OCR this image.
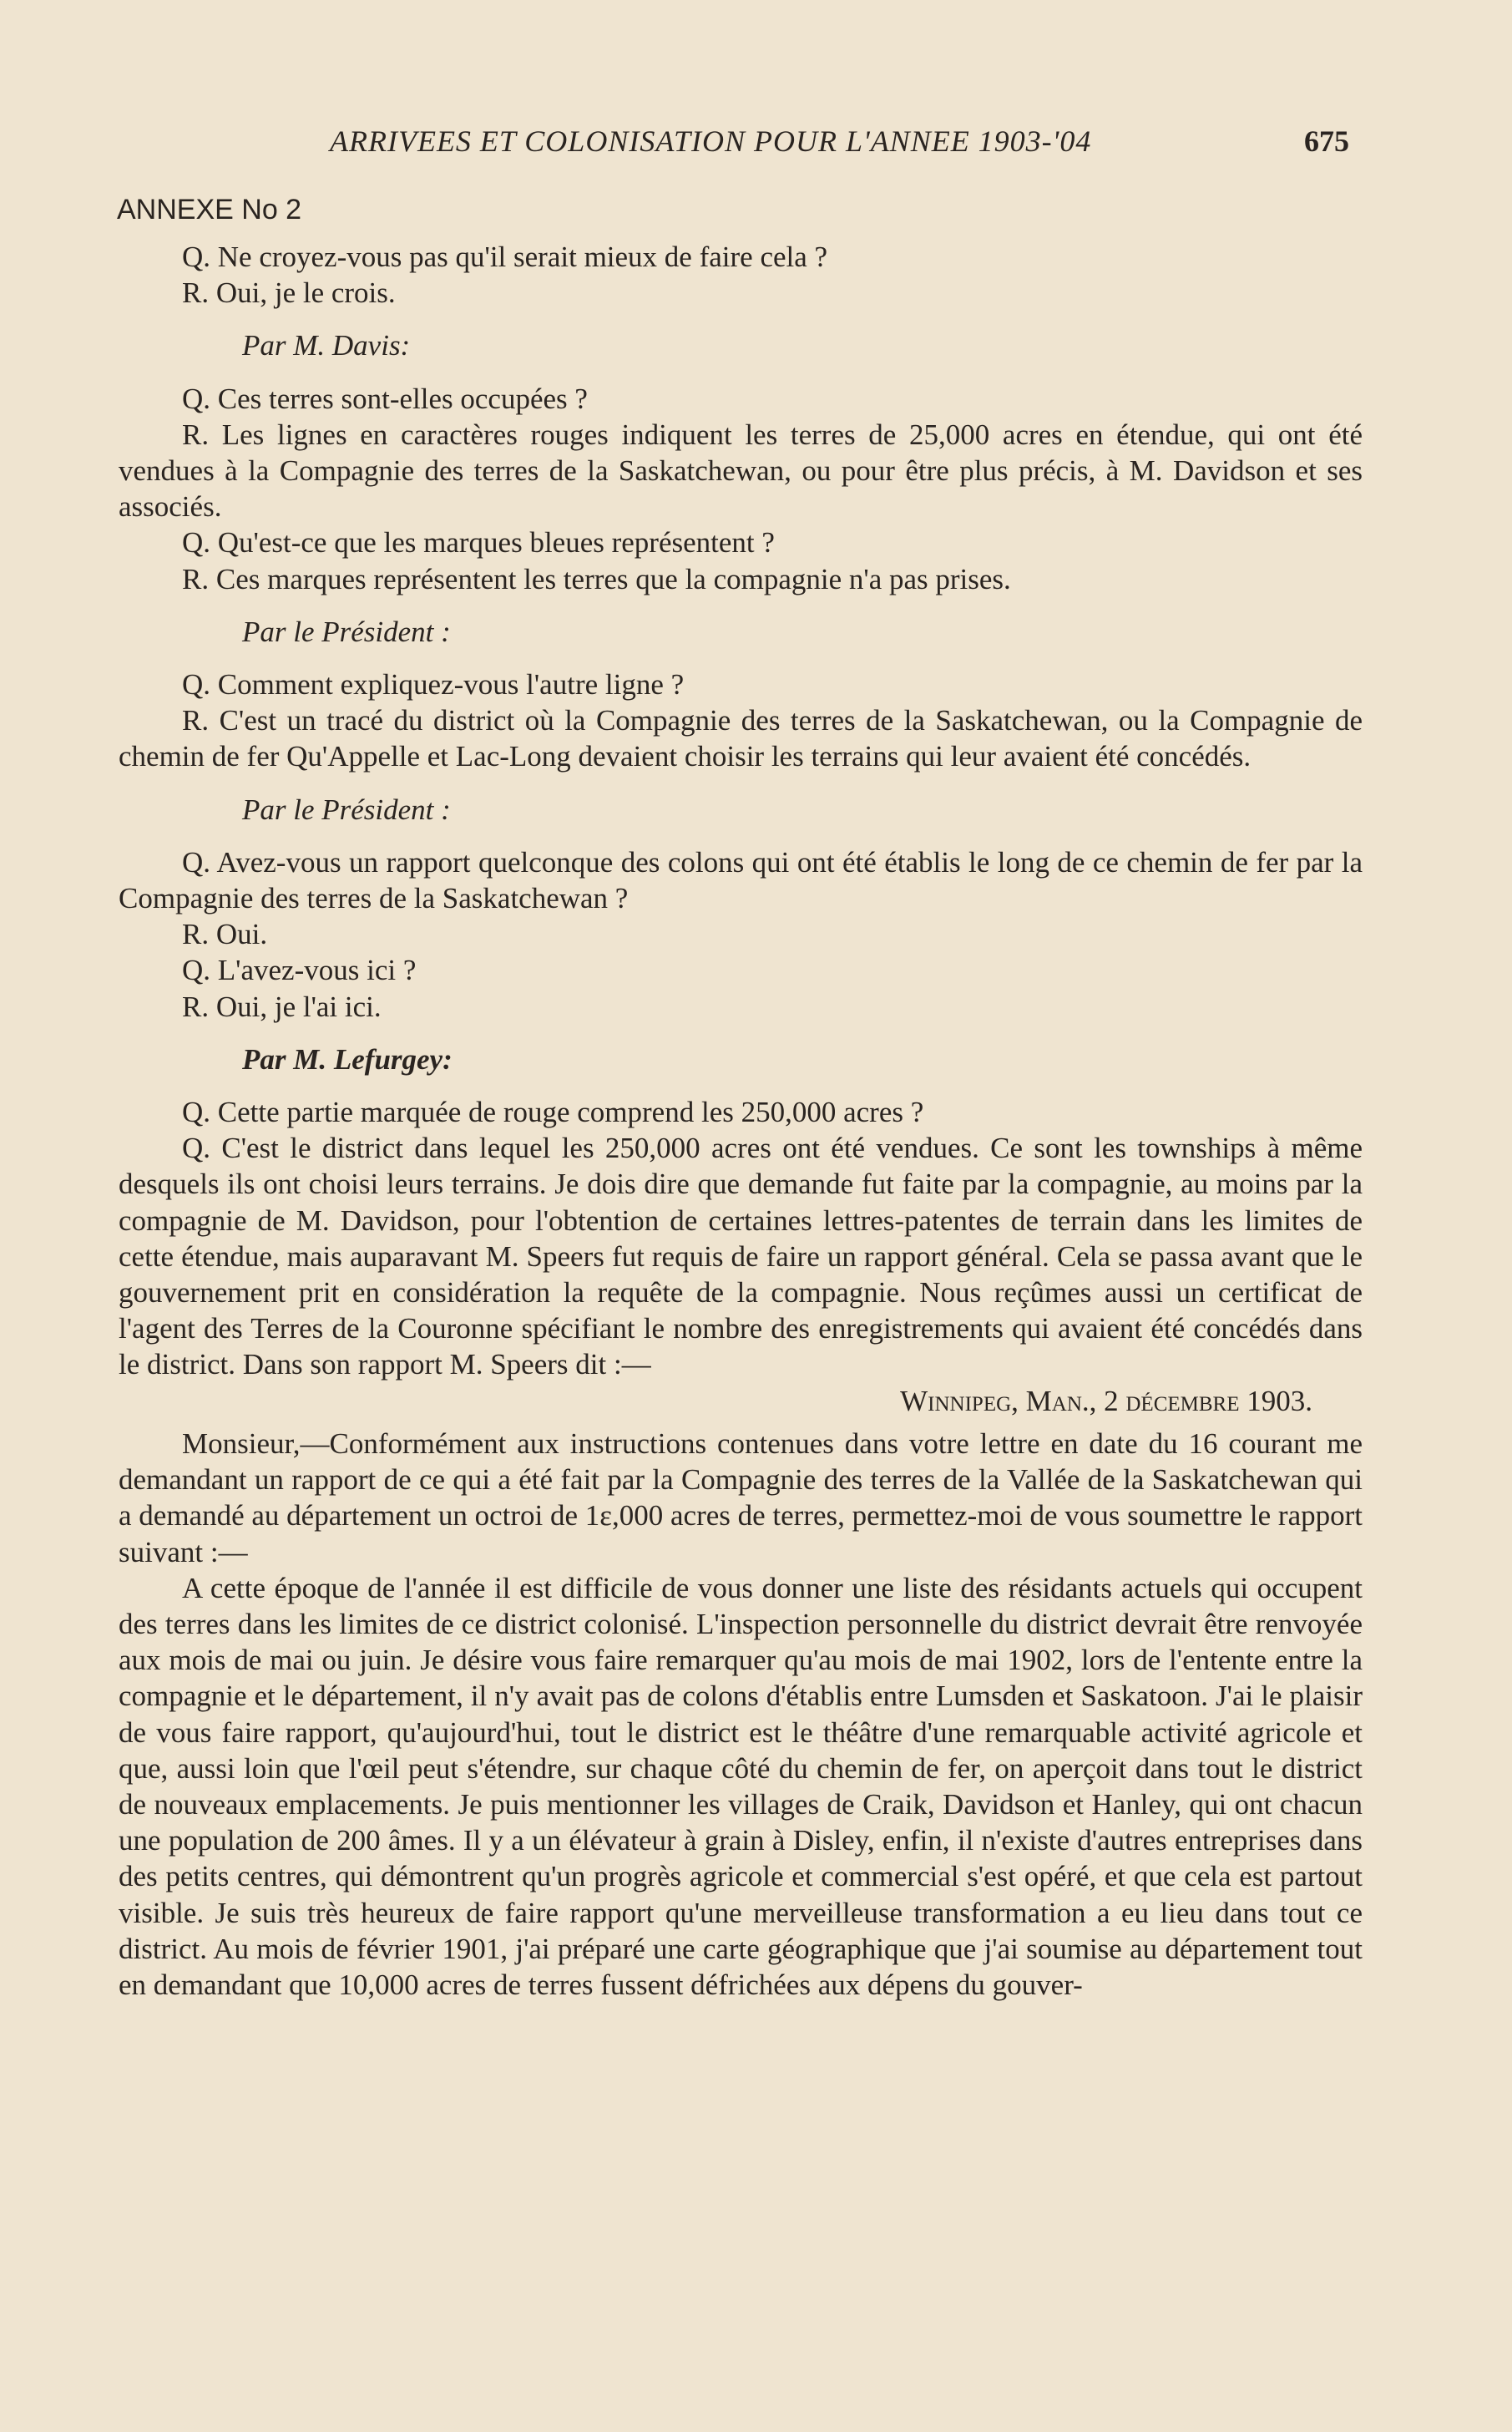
ARRIVEES ET COLONISATION POUR L'ANNEE 1903-'04	675
ANNEXE No 2

Q. Ne croyez-vous pas qu'il serait mieux de faire cela ?

R. Oui, je le crois.

Par M. Davis:

Q. Ces terres sont-elles occupées ?

R. Les lignes en caractères rouges indiquent les terres de 25,000 acres en étendue, qui ont été vendues à la Compagnie des terres de la Saskatchewan, ou pour être plus précis, à M. Davidson et ses associés.

Q. Qu'est-ce que les marques bleues représentent ?

R. Ces marques représentent les terres que la compagnie n'a pas prises.

Par le Président :

Q. Comment expliquez-vous l'autre ligne ?

R. C'est un tracé du district où la Compagnie des terres de la Saskatchewan, ou la Compagnie de chemin de fer Qu'Appelle et Lac-Long devaient choisir les terrains qui leur avaient été concédés.

Par le Président :

Q. Avez-vous un rapport quelconque des colons qui ont été établis le long de ce chemin de fer par la Compagnie des terres de la Saskatchewan ?

R. Oui.

Q. L'avez-vous ici ?

R. Oui, je l'ai ici.

Par M. Lefurgey:

Q. Cette partie marquée de rouge comprend les 250,000 acres ?

Q. C'est le district dans lequel les 250,000 acres ont été vendues. Ce sont les townships à même desquels ils ont choisi leurs terrains. Je dois dire que demande fut faite par la compagnie, au moins par la compagnie de M. Davidson, pour l'obtention de certaines lettres-patentes de terrain dans les limites de cette étendue, mais auparavant M. Speers fut requis de faire un rapport général. Cela se passa avant que le gouvernement prit en considération la requête de la compagnie. Nous reçûmes aussi un certificat de l'agent des Terres de la Couronne spécifiant le nombre des enregistrements qui avaient été concédés dans le district. Dans son rapport M. Speers dit :—

Winnipeg, Man., 2 décembre 1903.

Monsieur,—Conformément aux instructions contenues dans votre lettre en date du 16 courant me demandant un rapport de ce qui a été fait par la Compagnie des terres de la Vallée de la Saskatchewan qui a demandé au département un octroi de 1ε,000 acres de terres, permettez-moi de vous soumettre le rapport suivant :—

A cette époque de l'année il est difficile de vous donner une liste des résidants actuels qui occupent des terres dans les limites de ce district colonisé. L'inspection personnelle du district devrait être renvoyée aux mois de mai ou juin. Je désire vous faire remarquer qu'au mois de mai 1902, lors de l'entente entre la compagnie et le département, il n'y avait pas de colons d'établis entre Lumsden et Saskatoon. J'ai le plaisir de vous faire rapport, qu'aujourd'hui, tout le district est le théâtre d'une remarquable activité agricole et que, aussi loin que l'œil peut s'étendre, sur chaque côté du chemin de fer, on aperçoit dans tout le district de nouveaux emplacements. Je puis mentionner les villages de Craik, Davidson et Hanley, qui ont chacun une population de 200 âmes. Il y a un élévateur à grain à Disley, enfin, il n'existe d'autres entreprises dans des petits centres, qui démontrent qu'un progrès agricole et commercial s'est opéré, et que cela est partout visible. Je suis très heureux de faire rapport qu'une merveilleuse transformation a eu lieu dans tout ce district. Au mois de février 1901, j'ai préparé une carte géographique que j'ai soumise au département tout en demandant que 10,000 acres de terres fussent défrichées aux dépens du gouver-
